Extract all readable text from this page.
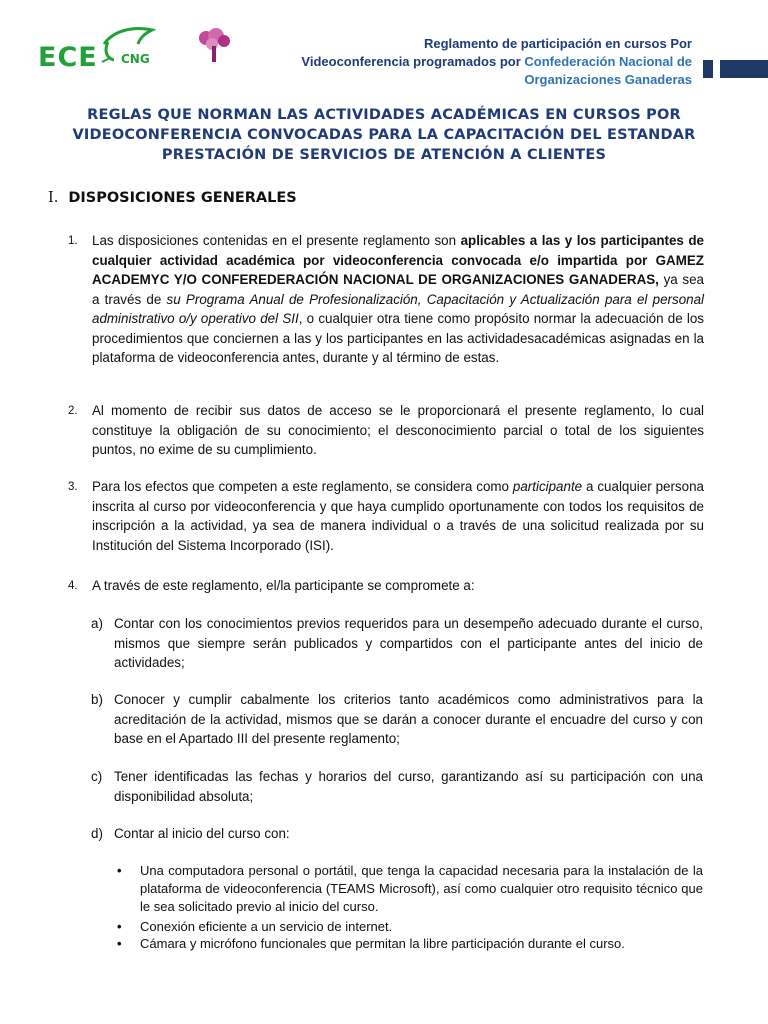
ECE CNG

Reglamento de participación en cursos Por
Videoconferencia programados por Confederación Nacional de
Organizaciones Ganaderas
REGLAS QUE NORMAN LAS ACTIVIDADES ACADÉMICAS EN CURSOS POR
VIDEOCONFERENCIA CONVOCADAS PARA LA CAPACITACIÓN DEL ESTANDAR
PRESTACIÓN DE SERVICIOS DE ATENCIÓN A CLIENTES
I. DISPOSICIONES GENERALES
1. Las disposiciones contenidas en el presente reglamento son aplicables a las y los participantes de cualquier actividad académica por videoconferencia convocada e/o impartida por GAMEZ ACADEMYC Y/O CONFEREDERACIÓN NACIONAL DE ORGANIZACIONES GANADERAS, ya sea a través de su Programa Anual de Profesionalización, Capacitación y Actualización para el personal administrativo o/y operativo del SII, o cualquier otra tiene como propósito normar la adecuación de los procedimientos que conciernen a las y los participantes en las actividadesacadémicas asignadas en la plataforma de videoconferencia antes, durante y al término de estas.
2. Al momento de recibir sus datos de acceso se le proporcionará el presente reglamento, lo cual constituye la obligación de su conocimiento; el desconocimiento parcial o total de los siguientes puntos, no exime de su cumplimiento.
3. Para los efectos que competen a este reglamento, se considera como participante a cualquier persona inscrita al curso por videoconferencia y que haya cumplido oportunamente con todos los requisitos de inscripción a la actividad, ya sea de manera individual o a través de una solicitud realizada por su Institución del Sistema Incorporado (ISI).
4. A través de este reglamento, el/la participante se compromete a:
a) Contar con los conocimientos previos requeridos para un desempeño adecuado durante el curso, mismos que siempre serán publicados y compartidos con el participante antes del inicio de actividades;
b) Conocer y cumplir cabalmente los criterios tanto académicos como administrativos para la acreditación de la actividad, mismos que se darán a conocer durante el encuadre del curso y con base en el Apartado III del presente reglamento;
c) Tener identificadas las fechas y horarios del curso, garantizando así su participación con una disponibilidad absoluta;
d) Contar al inicio del curso con:
• Una computadora personal o portátil, que tenga la capacidad necesaria para la instalación de la plataforma de videoconferencia (TEAMS Microsoft), así como cualquier otro requisito técnico que le sea solicitado previo al inicio del curso.
• Conexión eficiente a un servicio de internet.
• Cámara y micrófono funcionales que permitan la libre participación durante el curso.
